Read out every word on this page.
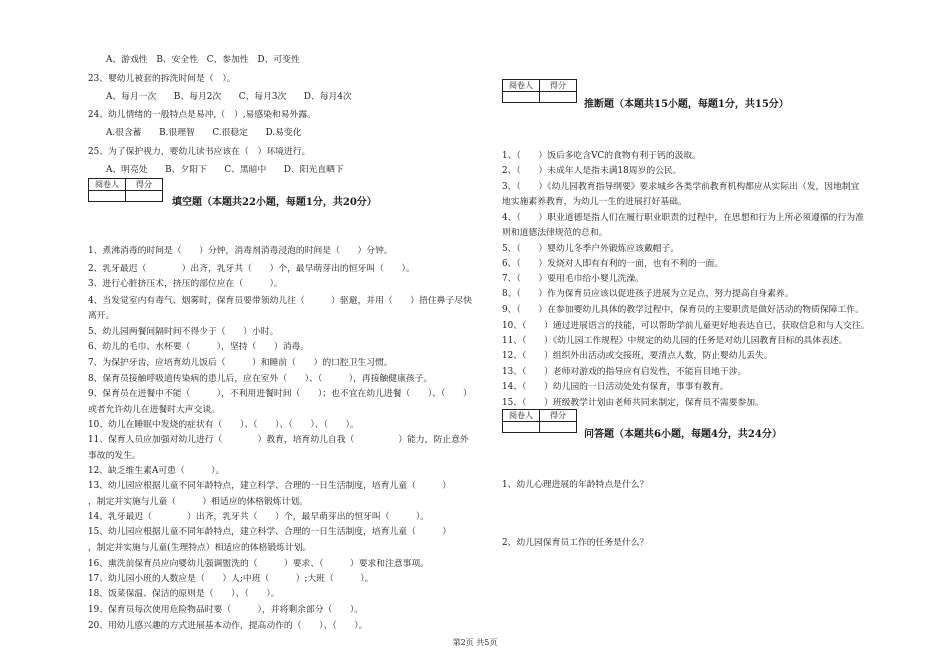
A、游戏性　B、安全性　C、参加性　D、可变性
23、婴幼儿被套的拆洗时间是（　）。
A、每月一次　　B、每月2次　　C、每月3次　　D、每月4次
24、幼儿情绪的一般特点是易冲,（　）,易感染和易外露。
A.很含蓄　　B.很理智　　C.很稳定　　D.易变化
25、为了保护视力，婴幼儿读书应该在（　）环境进行。
A、明亮处　　B、夕阳下　　C、黑暗中　　D、阳光直晒下
阅卷人	得分

填空题（本题共22小题，每题1分，共20分）
1、煮沸消毒的时间是（　　）分钟，消毒剂消毒浸泡的时间是（　　）分钟。
2、乳牙最迟（　　　　）出齐，乳牙共（　　）个，最早萌芽出的恒牙叫（　　）。
3、进行心脏挤压术，挤压的部位应在（　　　）。
4、当发觉室内有毒气、烟雾时，保育员要带领幼儿往（　　　）驱避，并用（　　）捂住鼻子尽快
离开。
5、幼儿园两餐间隔时间不得少于（　　）小时。
6、幼儿的毛巾、水杯要（　　　），坚持（　　）消毒。
7、为保护牙齿，应培育幼儿饭后（　　　）和睡前（　　）的口腔卫生习惯。
8、保育员接触呼吸道传染病的患儿后，应在室外（　　）、（　　　），再接触健康孩子。
9、保育员在进餐中不能（　　　），不利用进餐时间（　　）；也不宜在幼儿进餐（　　）、（　　）
或者允许幼儿在进餐时大声交谈。
10、幼儿在睡眠中发烧的症状有（　　）、（　　）、（　　）、（　　）。
11、保育人员应加强对幼儿进行（　　　　）教育，培育幼儿自我（　　　　　）能力，防止意外
事故的发生。
12、缺乏维生素A可患（　　　）。
13、幼儿园应根据儿童不同年龄特点，建立科学、合理的一日生活制度，培育儿童（　　　）
，制定并实施与儿童（　　　）相适应的体格锻炼计划。
14、乳牙最迟（　　　　）出齐，乳牙共（　　）个，最早萌芽出的恒牙叫（　　　）。
15、幼儿园应根据儿童不同年龄特点，建立科学、合理的一日生活制度，培育儿童（　　　）
，制定并实施与儿童(生理特点）相适应的体格锻炼计划。
16、熏洗前保育员应向婴幼儿强调盥洗的（　　　）要求、（　　　）要求和注意事项。
17、幼儿园小班的人数应是（　　）人;中班（　　　）;大班（　　　）。
18、饭菜保温、保洁的原则是（　　）、（　　）。
19、保育员每次使用危险物品时要（　　　），并将剩余部分（　　）。
20、用幼儿感兴趣的方式进展基本动作，提高动作的（　　）、（　　）。
阅卷人	得分

推断题（本题共15小题，每题1分，共15分）
1、（　　）饭后多吃含VC的食物有利于钙的汲取。
2、（　　）未成年人是指未满18周岁的公民。
3、（　　）《幼儿园教育指导纲要》要求城乡各类学前教育机构都应从实际出（发，因地制宜
地实施素养教育，为幼儿一生的进展打好基础。
4、（　　）职业道德是指人们在履行职业职责的过程中，在思想和行为上所必须遵循的行为准
则和道德法律规范的总和。
5、（　　）婴幼儿冬季户外锻炼应该戴帽子。
6、（　　）发烧对人即有有利的一面，也有不利的一面。
7、（　　）要用毛巾给小婴儿洗澡。
8、（　　）作为保育员应该以促进孩子进展为立足点，努力提高自身素养。
9、（　　）在参加婴幼儿具体的教学过程中，保育员的主要职责是做好活动的物质保障工作。
10、（　　）通过进展语言的技能，可以帮助学前儿童更好地表达自已，获取信息和与人交往。
11、（　　）《幼儿园工作规程》中规定的幼儿园的任务是对幼儿园教育目标的具体表述。
12、（　　）组织外出活动或交接班，要清点人数，防止婴幼儿丢失。
13、（　　）老师对游戏的指导应有启发性，不能盲目地干涉。
14、（　　）幼儿园的一日活动处处有保育，事事有教育。
15、（　　）班级教学计划由老师共同来制定，保育员不需要参加。
阅卷人	得分

问答题（本题共6小题，每题4分，共24分）
1、幼儿心理进展的年龄特点是什么？
2、幼儿园保育员工作的任务是什么？
第2页 共5页
